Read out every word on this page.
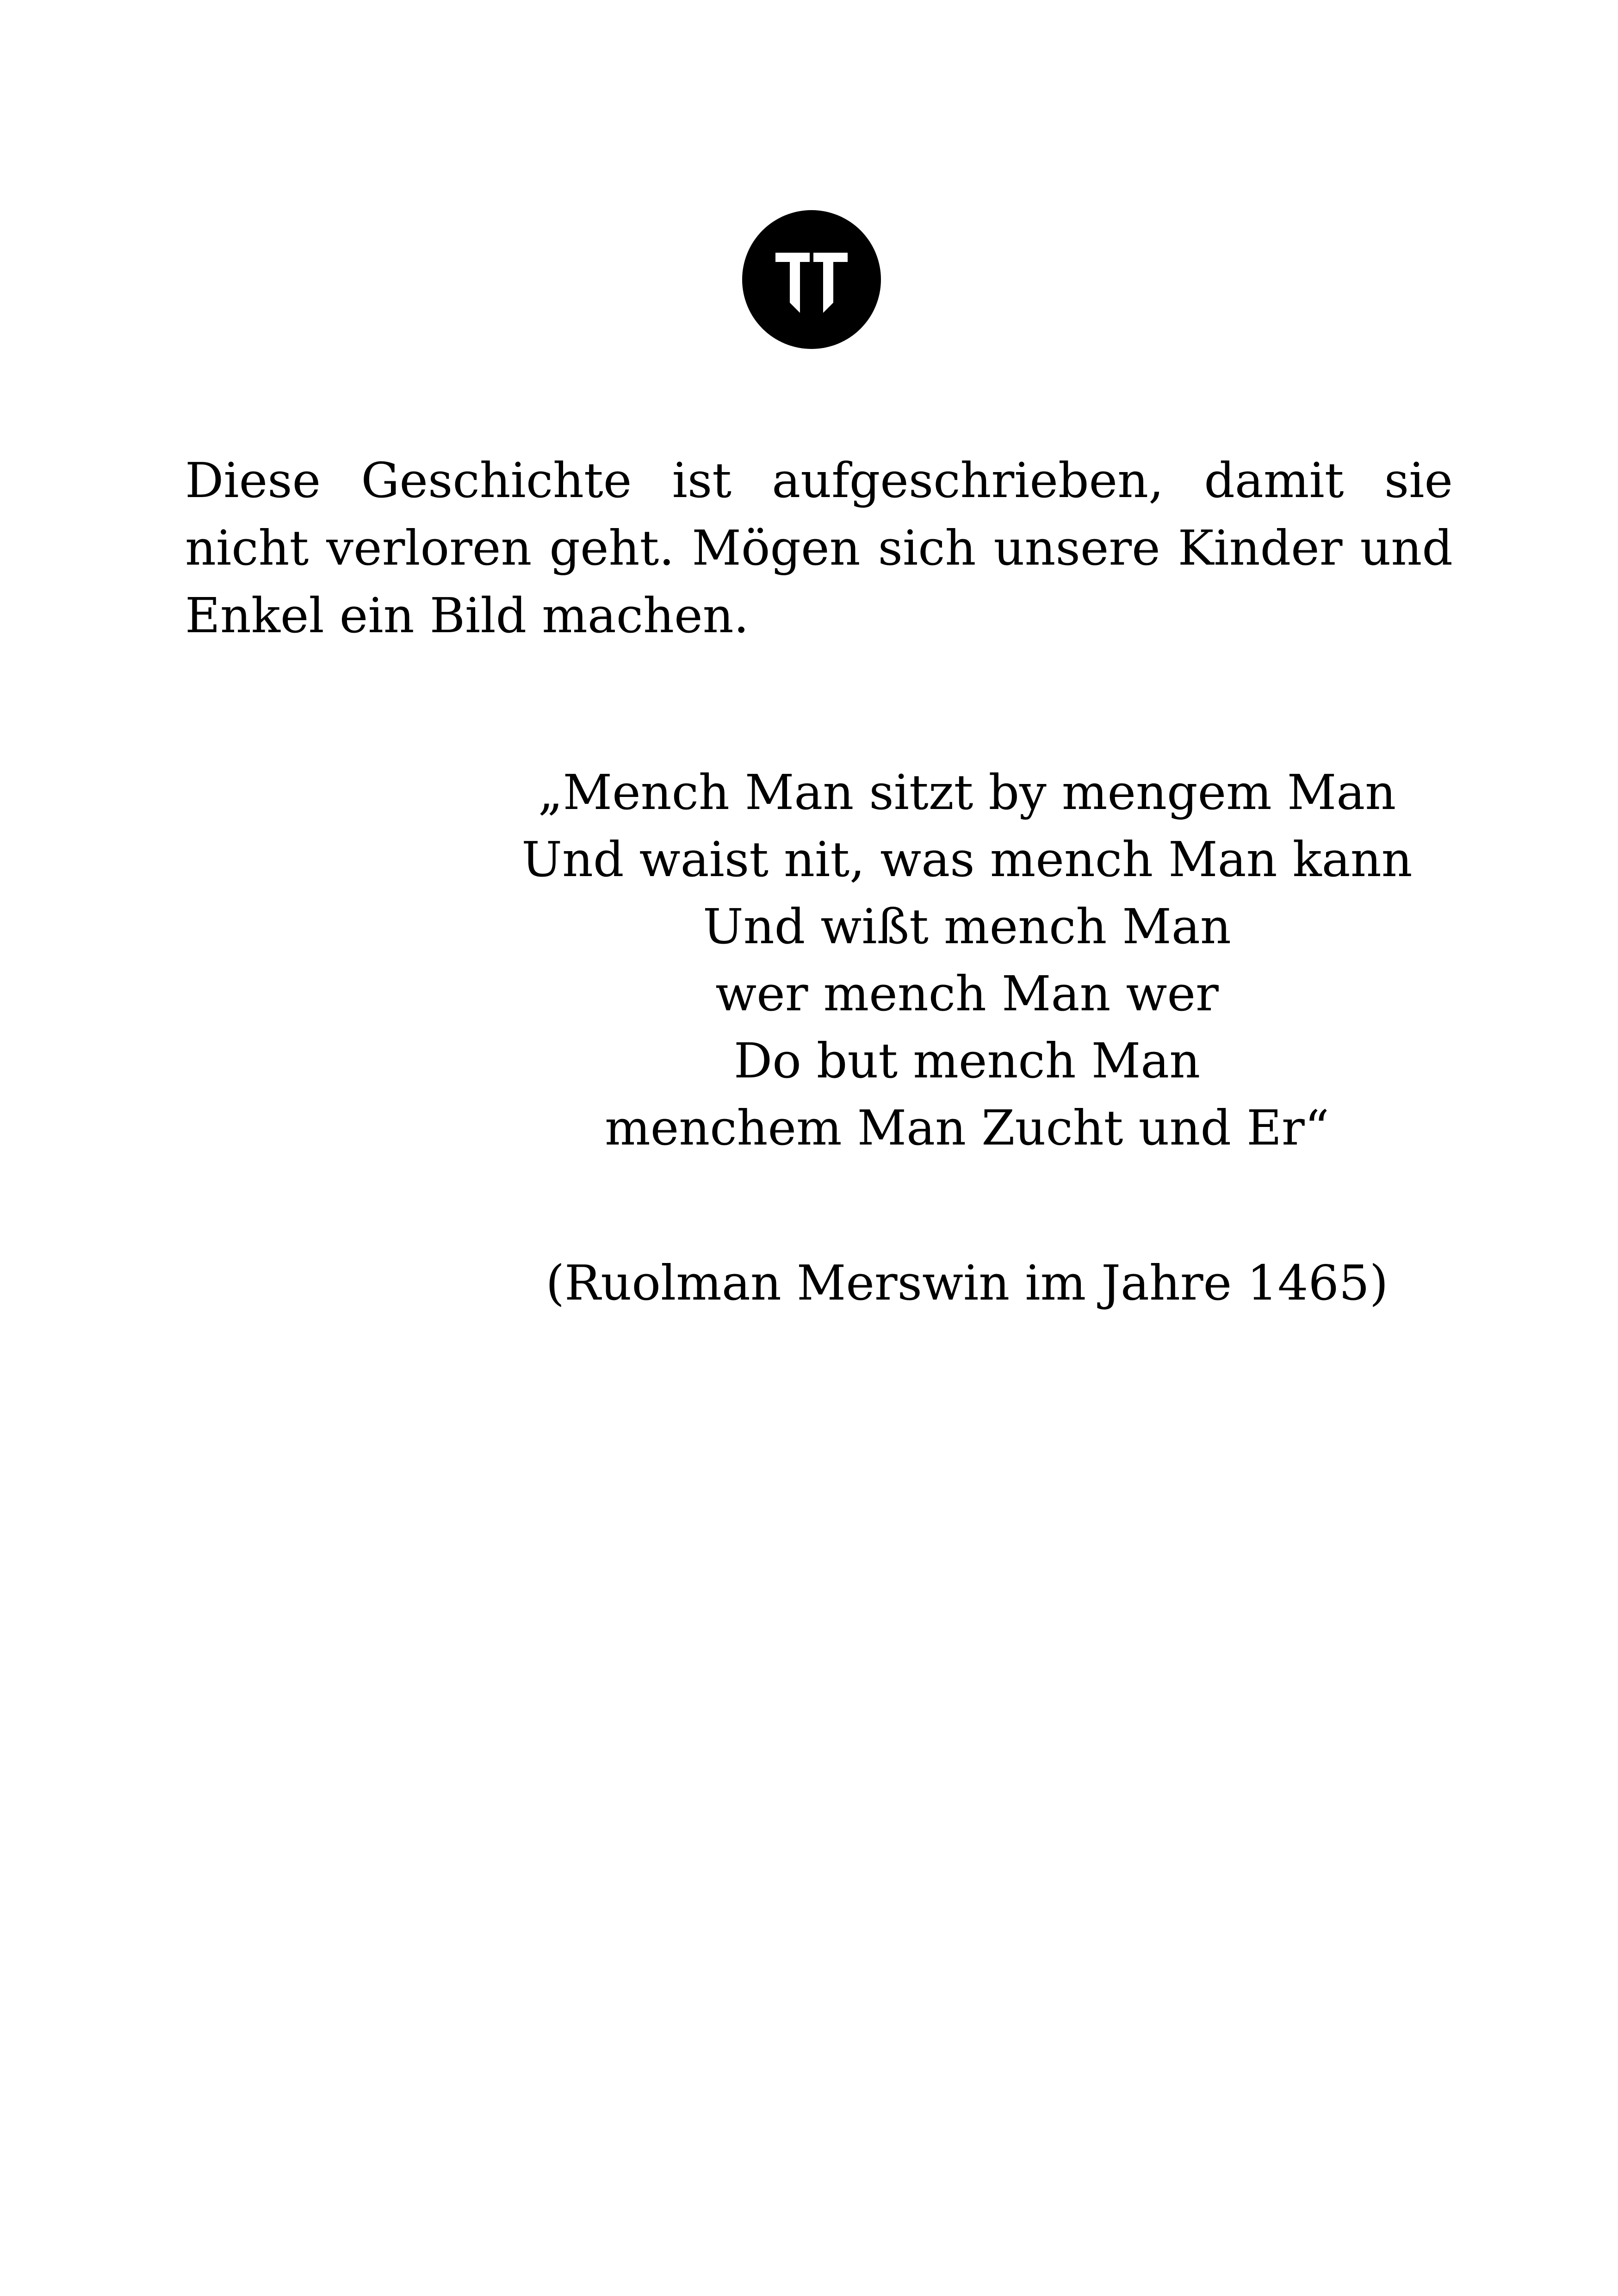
Diese Geschichte ist aufgeschrieben, damit sie nicht verloren geht. Mögen sich unsere Kinder und Enkel ein Bild machen.

„Mench Man sitzt by mengem Man
Und waist nit, was mench Man kann
Und wißt mench Man
wer mench Man wer
Do but mench Man
menchem Man Zucht und Er“

(Ruolman Merswin im Jahre 1465)
